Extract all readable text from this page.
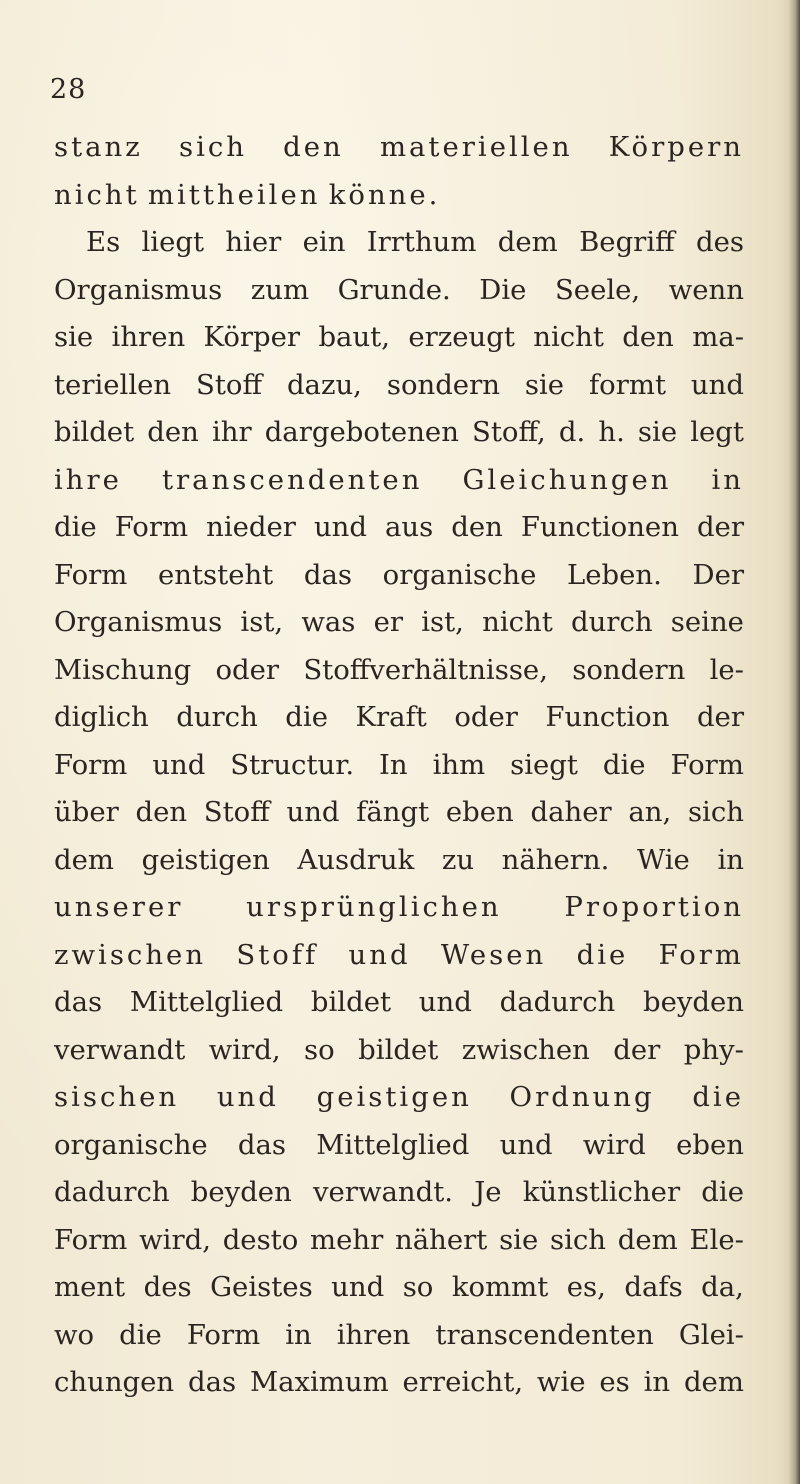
28
stanz sich den materiellen Körpern
nicht mittheilen könne.
Es liegt hier ein Irrthum dem Begriff des
Organismus zum Grunde. Die Seele, wenn
sie ihren Körper baut, erzeugt nicht den ma-
teriellen Stoff dazu, sondern sie formt und
bildet den ihr dargebotenen Stoff, d. h. sie legt
ihre transcendenten Gleichungen in
die Form nieder und aus den Functionen der
Form entsteht das organische Leben. Der
Organismus ist, was er ist, nicht durch seine
Mischung oder Stoffverhältnisse, sondern le-
diglich durch die Kraft oder Function der
Form und Structur. In ihm siegt die Form
über den Stoff und fängt eben daher an, sich
dem geistigen Ausdruk zu nähern. Wie in
unserer ursprünglichen Proportion
zwischen Stoff und Wesen die Form
das Mittelglied bildet und dadurch beyden
verwandt wird, so bildet zwischen der phy-
sischen und geistigen Ordnung die
organische das Mittelglied und wird eben
dadurch beyden verwandt. Je künstlicher die
Form wird, desto mehr nähert sie sich dem Ele-
ment des Geistes und so kommt es, dafs da,
wo die Form in ihren transcendenten Glei-
chungen das Maximum erreicht, wie es in dem
